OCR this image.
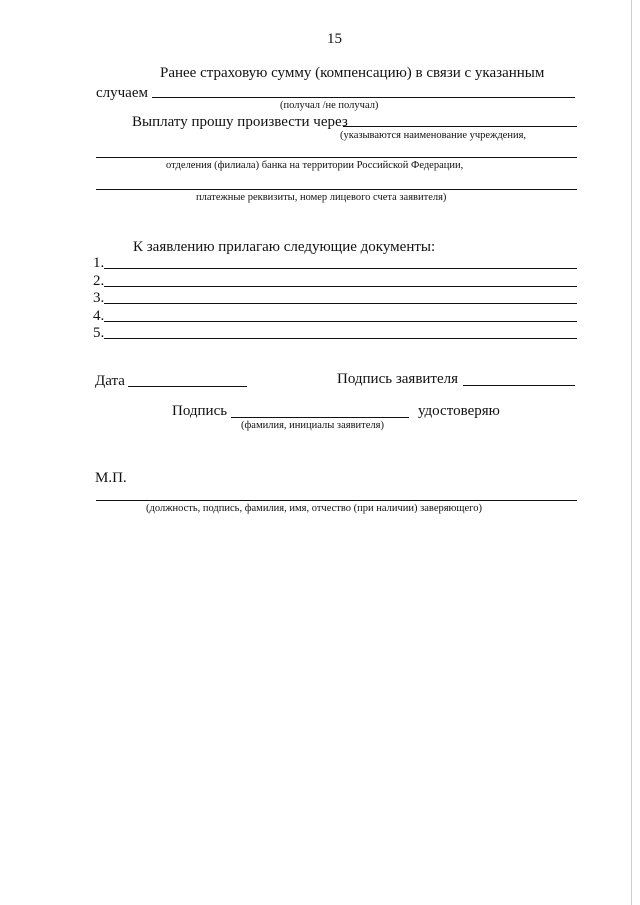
15
Ранее страховую сумму (компенсацию) в связи с указанным
случаем
(получал /не получал)
Выплату прошу произвести через
(указываются наименование учреждения,
отделения (филиала) банка на территории Российской Федерации,
платежные реквизиты, номер лицевого счета заявителя)
К заявлению прилагаю следующие документы:
1.
2.
3.
4.
5.
Дата	Подпись заявителя
Подпись	удостоверяю
(фамилия, инициалы заявителя)
М.П.
(должность, подпись, фамилия, имя, отчество (при наличии) заверяющего)
